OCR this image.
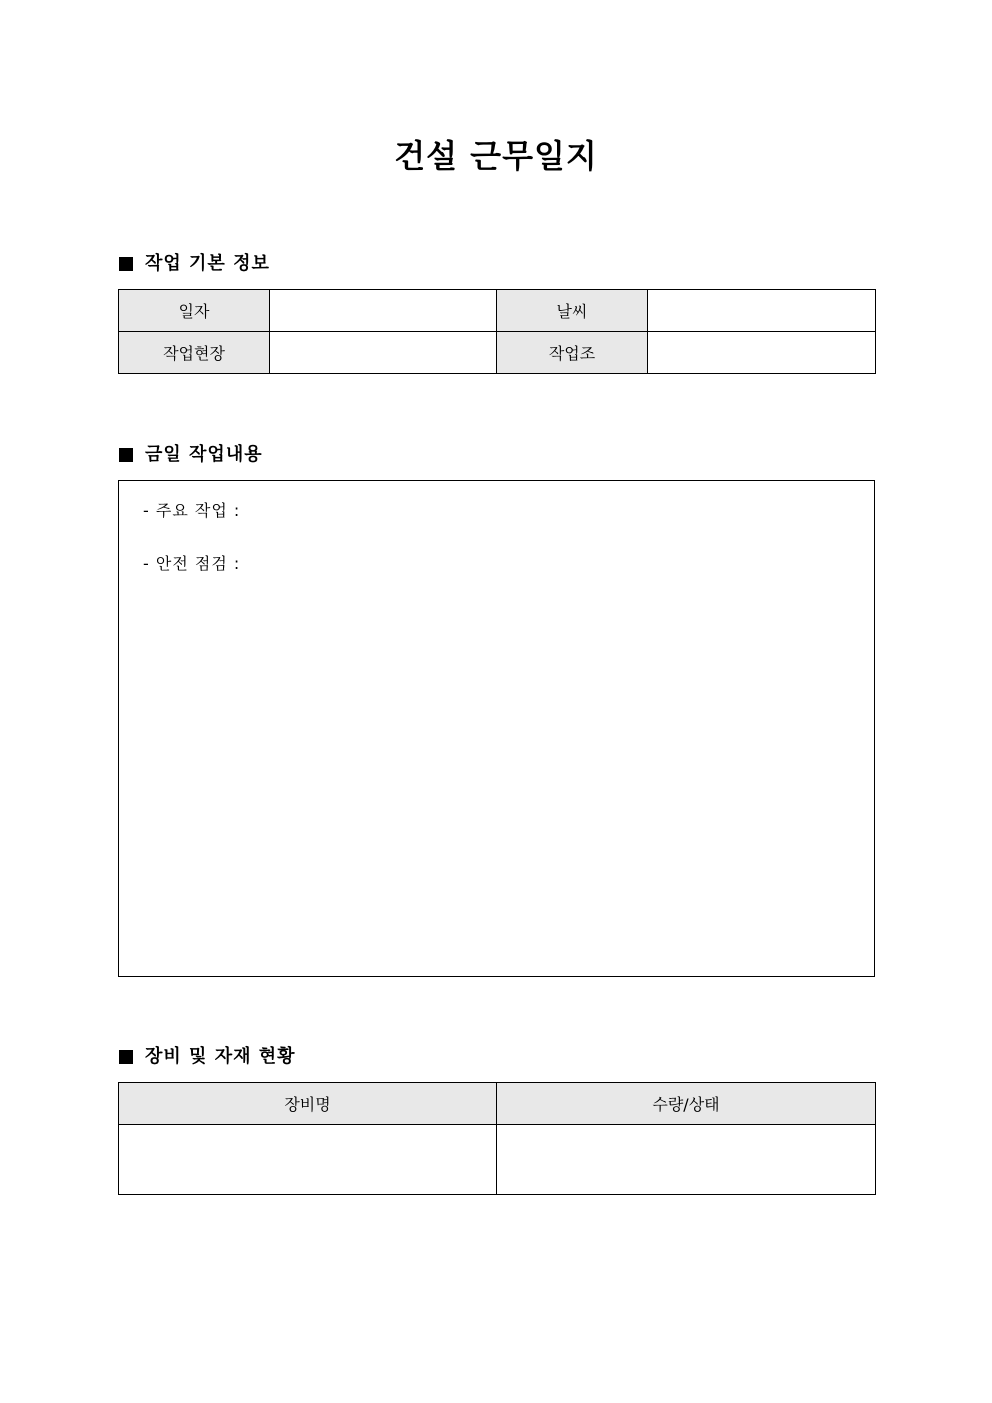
건설 근무일지
작업 기본 정보
일자		날씨	
작업현장		작업조	
금일 작업내용
- 주요 작업 :
- 안전 점검 :
장비 및 자재 현황
장비명	수량/상태
